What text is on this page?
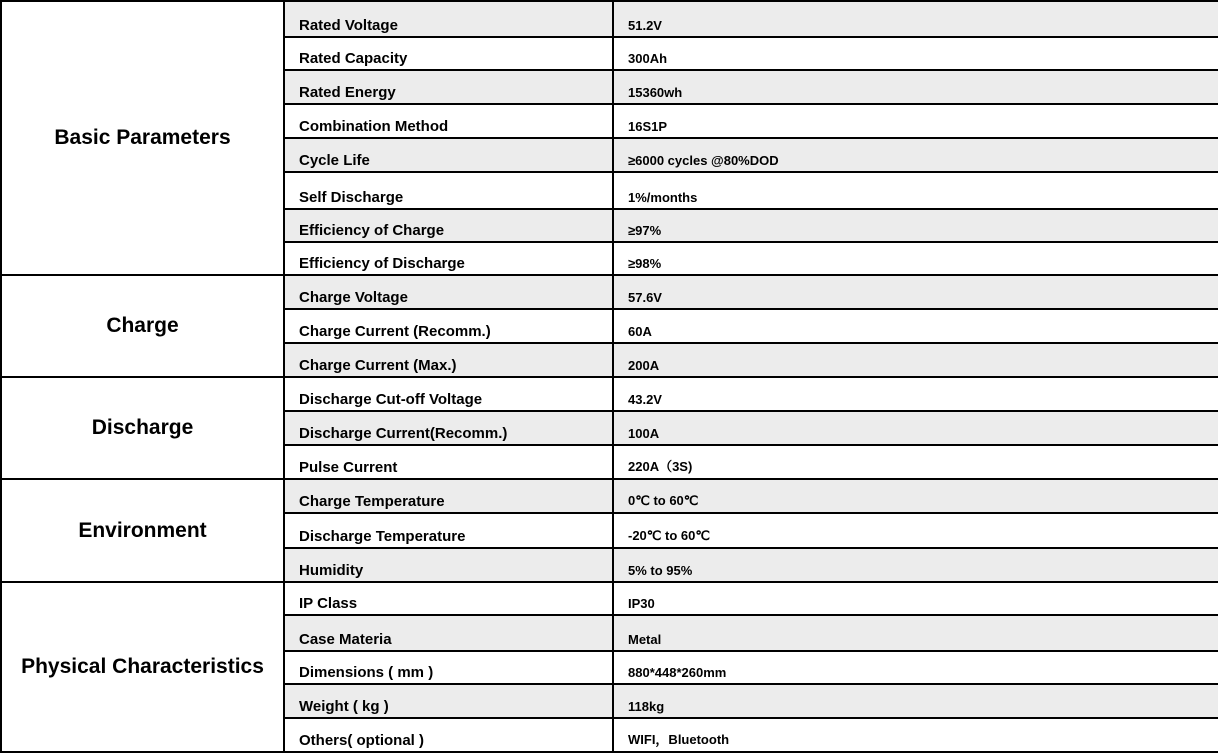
Basic Parameters	Rated Voltage	51.2V
	Rated Capacity	300Ah
	Rated Energy	15360wh
	Combination Method	16S1P
	Cycle Life	≥6000 cycles @80%DOD
	Self Discharge	1%/months
	Efficiency of Charge	≥97%
	Efficiency of Discharge	≥98%
Charge	Charge Voltage	57.6V
	Charge Current (Recomm.)	60A
	Charge Current (Max.)	200A
Discharge	Discharge Cut-off Voltage	43.2V
	Discharge Current(Recomm.)	100A
	Pulse Current	220A（3S)
Environment	Charge Temperature	0℃ to 60℃
	Discharge Temperature	-20℃ to 60℃
	Humidity	5% to 95%
Physical Characteristics	IP Class	IP30
	Case Materia	Metal
	Dimensions ( mm )	880*448*260mm
	Weight ( kg )	118kg
	Others( optional )	WIFI，Bluetooth
